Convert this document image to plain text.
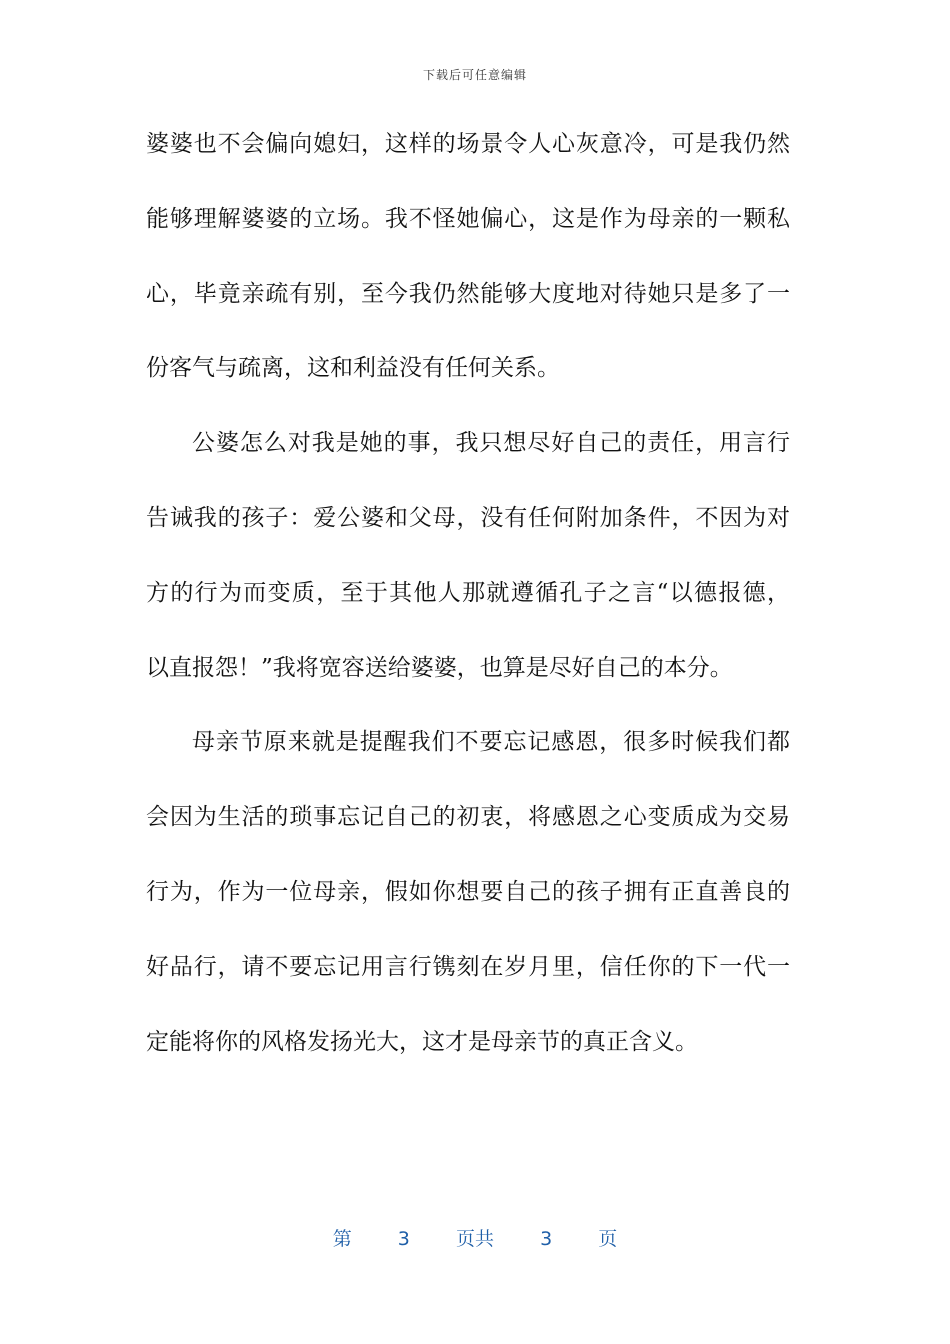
下载后可任意编辑
婆婆也不会偏向媳妇，这样的场景令人心灰意冷，可是我仍然
能够理解婆婆的立场。我不怪她偏心，这是作为母亲的一颗私
心，毕竟亲疏有别，至今我仍然能够大度地对待她只是多了一
份客气与疏离，这和利益没有任何关系。
公婆怎么对我是她的事，我只想尽好自己的责任，用言行
告诫我的孩子：爱公婆和父母，没有任何附加条件，不因为对
方的行为而变质，至于其他人那就遵循孔子之言“以德报德，
以直报怨！”我将宽容送给婆婆，也算是尽好自己的本分。
母亲节原来就是提醒我们不要忘记感恩，很多时候我们都
会因为生活的琐事忘记自己的初衷，将感恩之心变质成为交易
行为，作为一位母亲，假如你想要自己的孩子拥有正直善良的
好品行，请不要忘记用言行镌刻在岁月里，信任你的下一代一
定能将你的风格发扬光大，这才是母亲节的真正含义。
第 3 页共 3 页
